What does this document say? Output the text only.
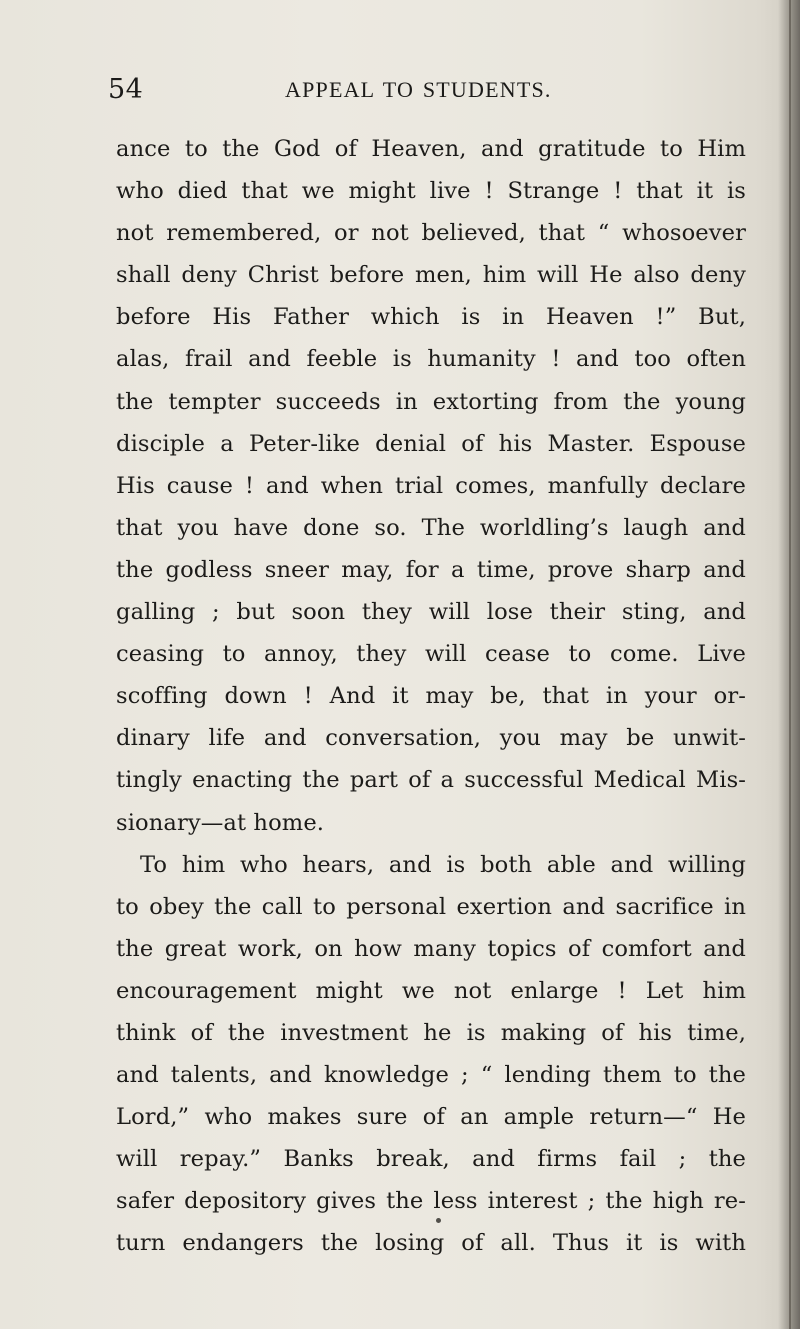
54	APPEAL TO STUDENTS.
ance to the God of Heaven, and gratitude to Him
who died that we might live ! Strange ! that it is
not remembered, or not believed, that “ whosoever
shall deny Christ before men, him will He also deny
before His Father which is in Heaven !” But,
alas, frail and feeble is humanity ! and too often
the tempter succeeds in extorting from the young
disciple a Peter-like denial of his Master. Espouse
His cause ! and when trial comes, manfully declare
that you have done so. The worldling’s laugh and
the godless sneer may, for a time, prove sharp and
galling ; but soon they will lose their sting, and
ceasing to annoy, they will cease to come. Live
scoffing down ! And it may be, that in your or-
dinary life and conversation, you may be unwit-
tingly enacting the part of a successful Medical Mis-
sionary—at home.
To him who hears, and is both able and willing
to obey the call to personal exertion and sacrifice in
the great work, on how many topics of comfort and
encouragement might we not enlarge ! Let him
think of the investment he is making of his time,
and talents, and knowledge ; “ lending them to the
Lord,” who makes sure of an ample return—“ He
will repay.” Banks break, and firms fail ; the
safer depository gives the less interest ; the high re-
turn endangers the losing of all. Thus it is with
